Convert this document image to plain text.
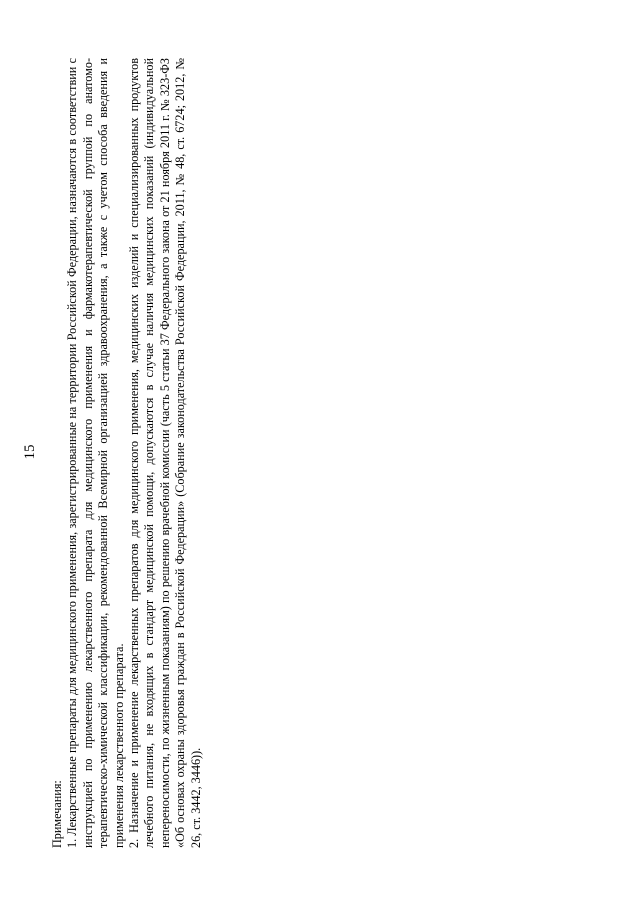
15

Примечания: 1. Лекарственные препараты для медицинского применения, зарегистрированные на территории Российской Федерации, назначаются в соответствии с инструкцией по применению лекарственного препарата для медицинского применения и фармакотерапевтической группой по анатомо-терапевтическо-химической классификации, рекомендованной Всемирной организацией здравоохранения, а также с учетом способа введения и применения лекарственного препарата. 2. Назначение и применение лекарственных препаратов для медицинского применения, медицинских изделий и специализированных продуктов лечебного питания, не входящих в стандарт медицинской помощи, допускаются в случае наличия медицинских показаний (индивидуальной непереносимости, по жизненным показаниям) по решению врачебной комиссии (часть 5 статьи 37 Федерального закона от 21 ноября 2011 г. № 323-ФЗ «Об основах охраны здоровья граждан в Российской Федерации» (Собрание законодательства Российской Федерации, 2011, № 48, ст. 6724; 2012, № 26, ст. 3442, 3446)).
